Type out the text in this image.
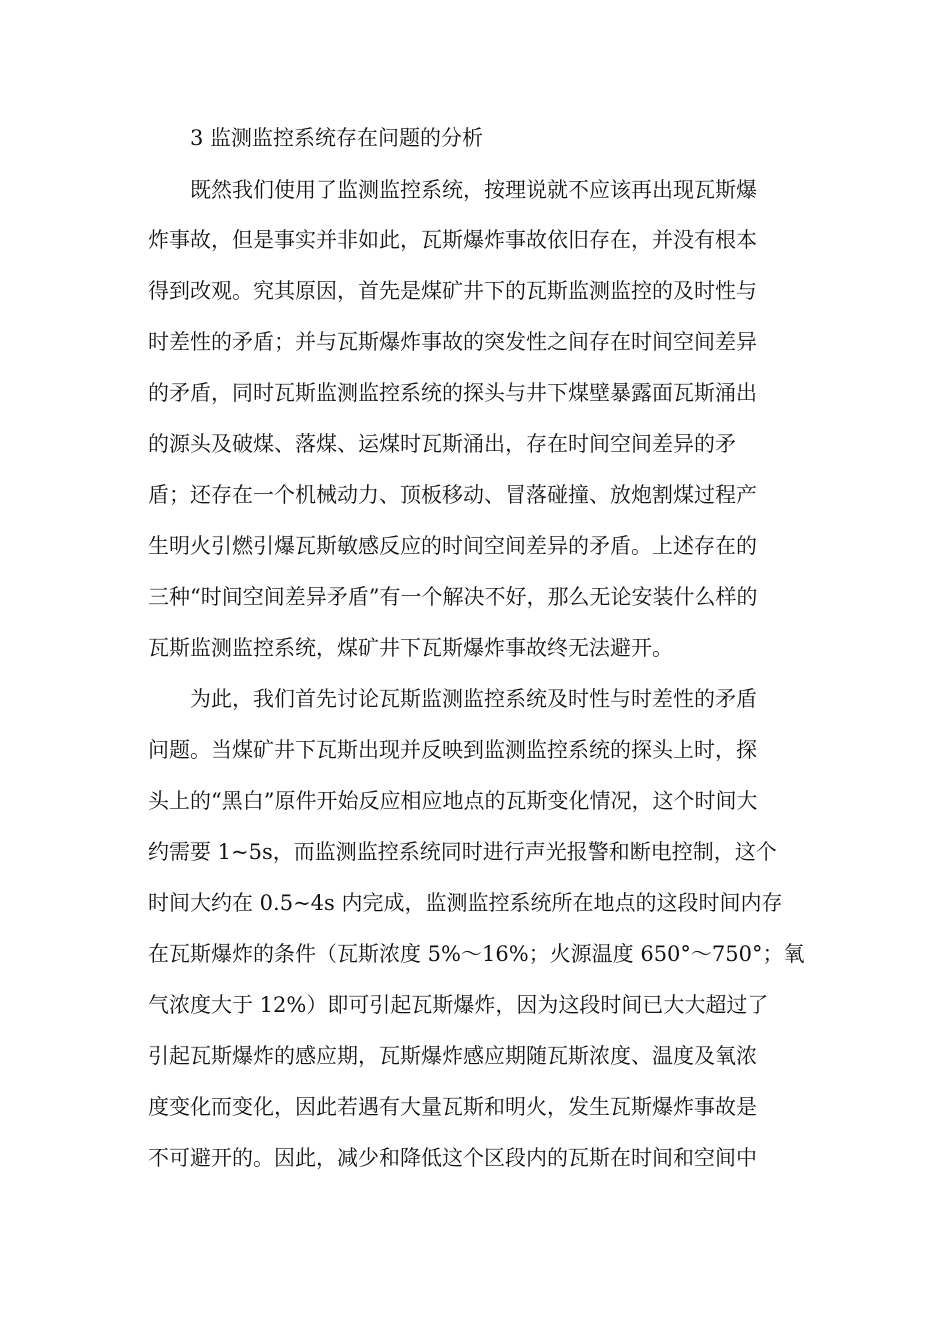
3 监测监控系统存在问题的分析
既然我们使用了监测监控系统，按理说就不应该再出现瓦斯爆
炸事故，但是事实并非如此，瓦斯爆炸事故依旧存在，并没有根本
得到改观。究其原因，首先是煤矿井下的瓦斯监测监控的及时性与
时差性的矛盾；并与瓦斯爆炸事故的突发性之间存在时间空间差异
的矛盾，同时瓦斯监测监控系统的探头与井下煤壁暴露面瓦斯涌出
的源头及破煤、落煤、运煤时瓦斯涌出，存在时间空间差异的矛
盾；还存在一个机械动力、顶板移动、冒落碰撞、放炮割煤过程产
生明火引燃引爆瓦斯敏感反应的时间空间差异的矛盾。上述存在的
三种“时间空间差异矛盾”有一个解决不好，那么无论安装什么样的
瓦斯监测监控系统，煤矿井下瓦斯爆炸事故终无法避开。
为此，我们首先讨论瓦斯监测监控系统及时性与时差性的矛盾
问题。当煤矿井下瓦斯出现并反映到监测监控系统的探头上时，探
头上的“黑白”原件开始反应相应地点的瓦斯变化情况，这个时间大
约需要 1~5s，而监测监控系统同时进行声光报警和断电控制，这个
时间大约在 0.5~4s 内完成，监测监控系统所在地点的这段时间内存
在瓦斯爆炸的条件（瓦斯浓度 5%～16%；火源温度 650°～750°；氧
气浓度大于 12%）即可引起瓦斯爆炸，因为这段时间已大大超过了
引起瓦斯爆炸的感应期，瓦斯爆炸感应期随瓦斯浓度、温度及氧浓
度变化而变化，因此若遇有大量瓦斯和明火，发生瓦斯爆炸事故是
不可避开的。因此，减少和降低这个区段内的瓦斯在时间和空间中
